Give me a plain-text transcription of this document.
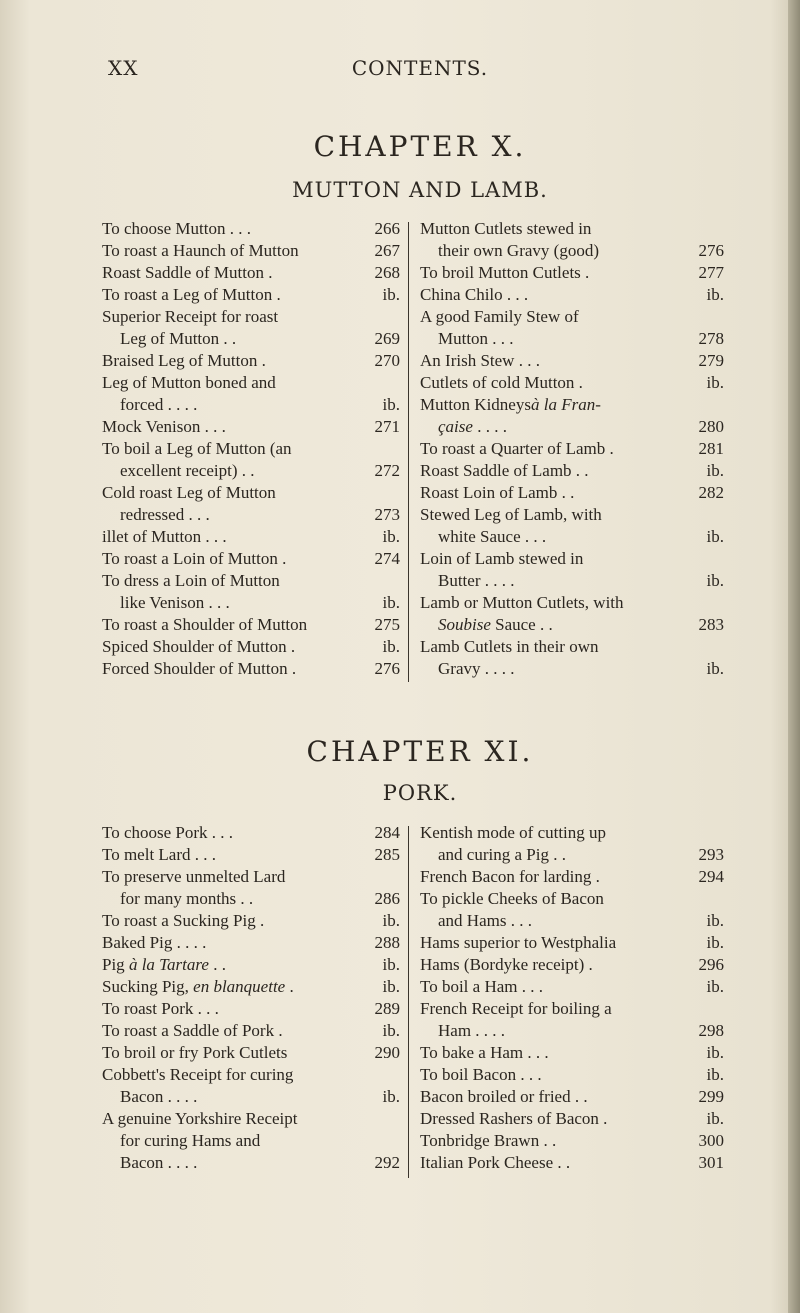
XX	CONTENTS.
CHAPTER X.
MUTTON AND LAMB.
To choose Mutton . . .	266
To roast a Haunch of Mutton	267
Roast Saddle of Mutton .	268
To roast a Leg of Mutton .	ib.
Superior Receipt for roast
Leg of Mutton . .	269
Braised Leg of Mutton .	270
Leg of Mutton boned and
forced . . . .	ib.
Mock Venison . . .	271
To boil a Leg of Mutton (an
excellent receipt) . .	272
Cold roast Leg of Mutton
redressed . . .	273
illet of Mutton . . .	ib.
To roast a Loin of Mutton .	274
To dress a Loin of Mutton
like Venison . . .	ib.
To roast a Shoulder of Mutton	275
Spiced Shoulder of Mutton .	ib.
Forced Shoulder of Mutton .	276
Mutton Cutlets stewed in
their own Gravy (good)	276
To broil Mutton Cutlets .	277
China Chilo . . .	ib.
A good Family Stew of
Mutton . . .	278
An Irish Stew . . .	279
Cutlets of cold Mutton .	ib.
Mutton Kidneysà la Fran-
çaise . . . .	280
To roast a Quarter of Lamb .	281
Roast Saddle of Lamb . .	ib.
Roast Loin of Lamb . .	282
Stewed Leg of Lamb, with
white Sauce . . .	ib.
Loin of Lamb stewed in
Butter . . . .	ib.
Lamb or Mutton Cutlets, with
Soubise Sauce . .	283
Lamb Cutlets in their own
Gravy . . . .	ib.
CHAPTER XI.
PORK.
To choose Pork . . .	284
To melt Lard . . .	285
To preserve unmelted Lard
for many months . .	286
To roast a Sucking Pig .	ib.
Baked Pig . . . .	288
Pig à la Tartare . .	ib.
Sucking Pig, en blanquette .	ib.
To roast Pork . . .	289
To roast a Saddle of Pork .	ib.
To broil or fry Pork Cutlets	290
Cobbett's Receipt for curing
Bacon . . . .	ib.
A genuine Yorkshire Receipt
for curing Hams and
Bacon . . . .	292
Kentish mode of cutting up
and curing a Pig . .	293
French Bacon for larding .	294
To pickle Cheeks of Bacon
and Hams . . .	ib.
Hams superior to Westphalia	ib.
Hams (Bordyke receipt) .	296
To boil a Ham . . .	ib.
French Receipt for boiling a
Ham . . . .	298
To bake a Ham . . .	ib.
To boil Bacon . . .	ib.
Bacon broiled or fried . .	299
Dressed Rashers of Bacon .	ib.
Tonbridge Brawn . .	300
Italian Pork Cheese . .	301
